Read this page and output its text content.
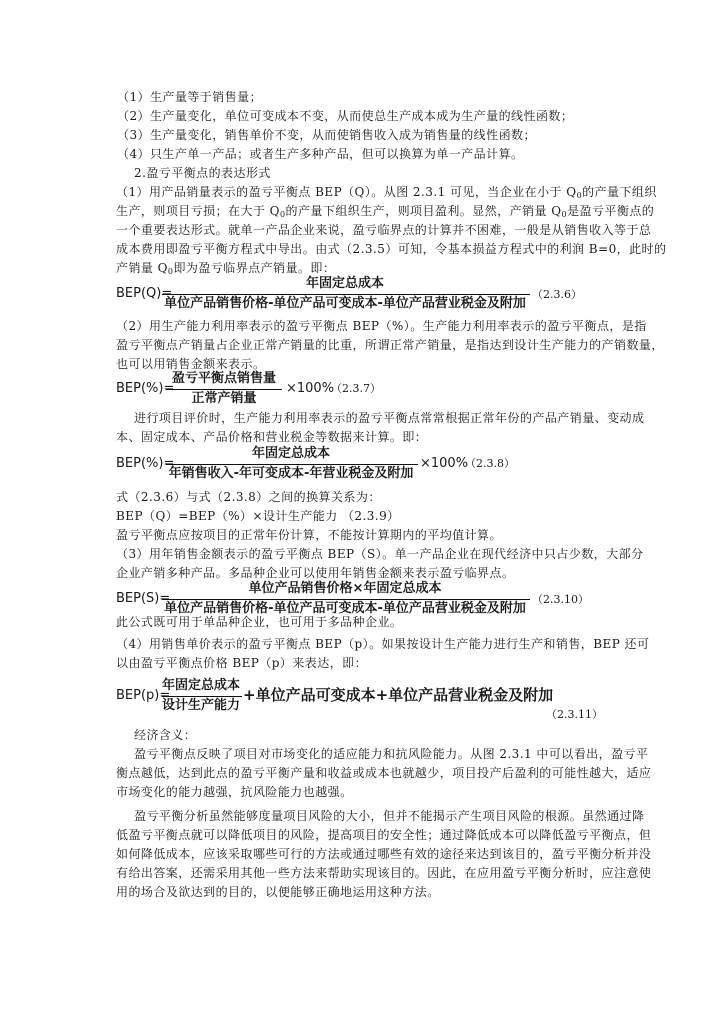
（1）生产量等于销售量；
（2）生产量变化，单位可变成本不变，从而使总生产成本成为生产量的线性函数；
（3）生产量变化，销售单价不变，从而使销售收入成为销售量的线性函数；
（4）只生产单一产品；或者生产多种产品，但可以换算为单一产品计算。
2.盈亏平衡点的表达形式
（1）用产品销量表示的盈亏平衡点 BEP（Q）。从图 2.3.1 可见，当企业在小于 $Q_0$的产量下组织
生产，则项目亏损；在大于 $Q_0$的产量下组织生产，则项目盈利。显然，产销量 $Q_0$是盈亏平衡点的
一个重要表达形式。就单一产品企业来说，盈亏临界点的计算并不困难，一般是从销售收入等于总
成本费用即盈亏平衡方程式中导出。由式（2.3.5）可知，令基本损益方程式中的利润 B=0，此时的
产销量 $Q_0$即为盈亏临界点产销量。即：
BEP(Q)=
年固定总成本
单位产品销售价格-单位产品可变成本-单位产品营业税金及附加
（2.3.6）
（2）用生产能力利用率表示的盈亏平衡点 BEP（%）。生产能力利用率表示的盈亏平衡点，是指
盈亏平衡点产销量占企业正常产销量的比重，所谓正常产销量，是指达到设计生产能力的产销数量，
也可以用销售金额来表示。
BEP(%)=
盈亏平衡点销售量
正常产销量
×100%
（2.3.7）
进行项目评价时，生产能力利用率表示的盈亏平衡点常常根据正常年份的产品产销量、变动成
本、固定成本、产品价格和营业税金等数据来计算。即：
BEP(%)=
年固定总成本
年销售收入-年可变成本-年营业税金及附加
×100%
（2.3.8）
式（2.3.6）与式（2.3.8）之间的换算关系为：
BEP（Q）=BEP（%）×设计生产能力 （2.3.9）
盈亏平衡点应按项目的正常年份计算，不能按计算期内的平均值计算。
（3）用年销售金额表示的盈亏平衡点 BEP（S）。单一产品企业在现代经济中只占少数，大部分
企业产销多种产品。多品种企业可以使用年销售金额来表示盈亏临界点。
BEP(S)=
单位产品销售价格×年固定总成本
单位产品销售价格-单位产品可变成本-单位产品营业税金及附加
（2.3.10）
此公式既可用于单品种企业，也可用于多品种企业。
（4）用销售单价表示的盈亏平衡点 BEP（p）。如果按设计生产能力进行生产和销售，BEP 还可
以由盈亏平衡点价格 BEP（p）来表达，即：
BEP(p)=
年固定总成本
设计生产能力
+单位产品可变成本+单位产品营业税金及附加
（2.3.11）
经济含义：
盈亏平衡点反映了项目对市场变化的适应能力和抗风险能力。从图 2.3.1 中可以看出，盈亏平
衡点越低，达到此点的盈亏平衡产量和收益或成本也就越少，项目投产后盈利的可能性越大，适应
市场变化的能力越强，抗风险能力也越强。
盈亏平衡分析虽然能够度量项目风险的大小，但并不能揭示产生项目风险的根源。虽然通过降
低盈亏平衡点就可以降低项目的风险，提高项目的安全性；通过降低成本可以降低盈亏平衡点，但
如何降低成本，应该采取哪些可行的方法或通过哪些有效的途径来达到该目的，盈亏平衡分析并没
有给出答案，还需采用其他一些方法来帮助实现该目的。因此，在应用盈亏平衡分析时，应注意使
用的场合及欲达到的目的，以便能够正确地运用这种方法。
